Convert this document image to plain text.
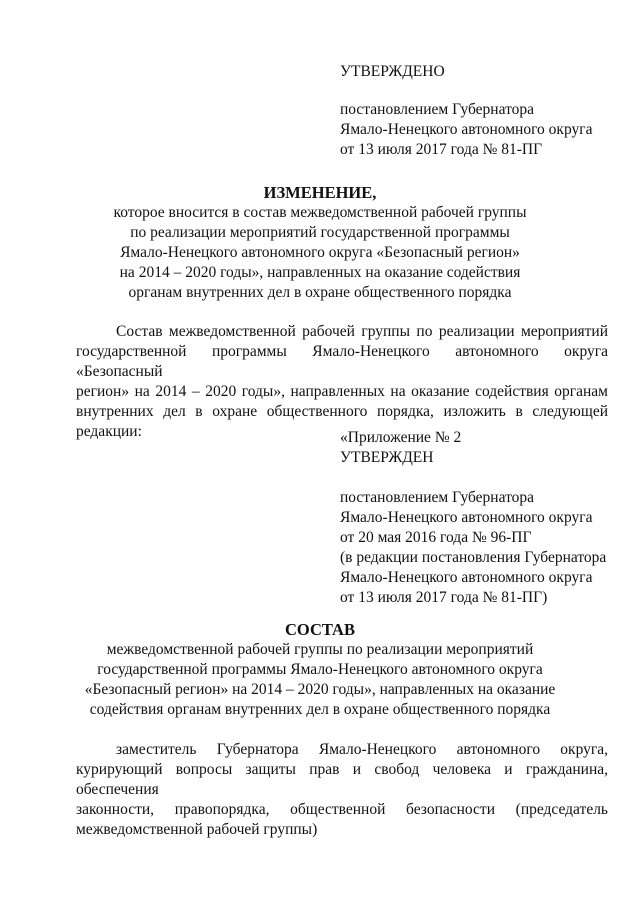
УТВЕРЖДЕНО
постановлением Губернатора
Ямало-Ненецкого автономного округа
от 13 июля 2017 года № 81-ПГ
ИЗМЕНЕНИЕ,
которое вносится в состав межведомственной рабочей группы
по реализации мероприятий государственной программы
Ямало-Ненецкого автономного округа «Безопасный регион»
на 2014 – 2020 годы», направленных на оказание содействия
органам внутренних дел в охране общественного порядка
Состав межведомственной рабочей группы по реализации мероприятий
государственной программы Ямало-Ненецкого автономного округа «Безопасный
регион» на 2014 – 2020 годы», направленных на оказание содействия органам
внутренних дел в охране общественного порядка, изложить в следующей
редакции:	«Приложение № 2
УТВЕРЖДЕН
постановлением Губернатора
Ямало-Ненецкого автономного округа
от 20 мая 2016 года № 96-ПГ
(в редакции постановления Губернатора
Ямало-Ненецкого автономного округа
от 13 июля 2017 года № 81-ПГ)
СОСТАВ
межведомственной рабочей группы по реализации мероприятий
государственной программы Ямало-Ненецкого автономного округа
«Безопасный регион» на 2014 – 2020 годы», направленных на оказание
содействия органам внутренних дел в охране общественного порядка
заместитель Губернатора Ямало-Ненецкого автономного округа,
курирующий вопросы защиты прав и свобод человека и гражданина, обеспечения
законности, правопорядка, общественной безопасности (председатель
межведомственной рабочей группы)
